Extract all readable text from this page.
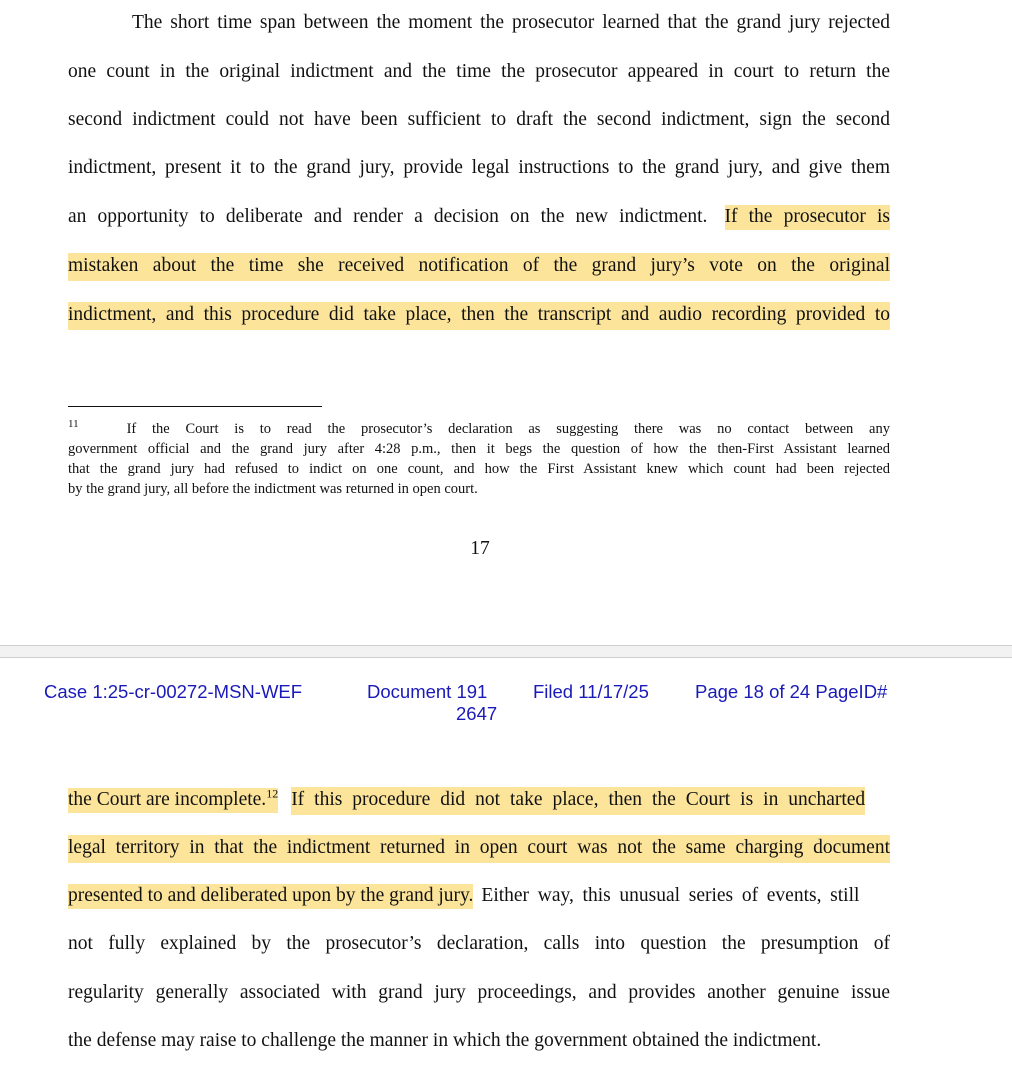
The short time span between the moment the prosecutor learned that the grand jury rejected
one count in the original indictment and the time the prosecutor appeared in court to return the
second indictment could not have been sufficient to draft the second indictment, sign the second
indictment, present it to the grand jury, provide legal instructions to the grand jury, and give them
an opportunity to deliberate and render a decision on the new indictment. If the prosecutor is
mistaken about the time she received notification of the grand jury’s vote on the original
indictment, and this procedure did take place, then the transcript and audio recording provided to
$^{11}$	If the Court is to read the prosecutor’s declaration as suggesting there was no contact between any
government official and the grand jury after 4:28 p.m., then it begs the question of how the then-First Assistant learned
that the grand jury had refused to indict on one count, and how the First Assistant knew which count had been rejected
by the grand jury, all before the indictment was returned in open court.
17
Case 1:25-cr-00272-MSN-WEF	Document 191 Filed 11/17/25 Page 18 of 24 PageID#
2647
the Court are incomplete.$^{12}$ If this procedure did not take place, then the Court is in uncharted
legal territory in that the indictment returned in open court was not the same charging document
presented to and deliberated upon by the grand jury. Either way, this unusual series of events, still
not fully explained by the prosecutor’s declaration, calls into question the presumption of
regularity generally associated with grand jury proceedings, and provides another genuine issue
the defense may raise to challenge the manner in which the government obtained the indictment.
